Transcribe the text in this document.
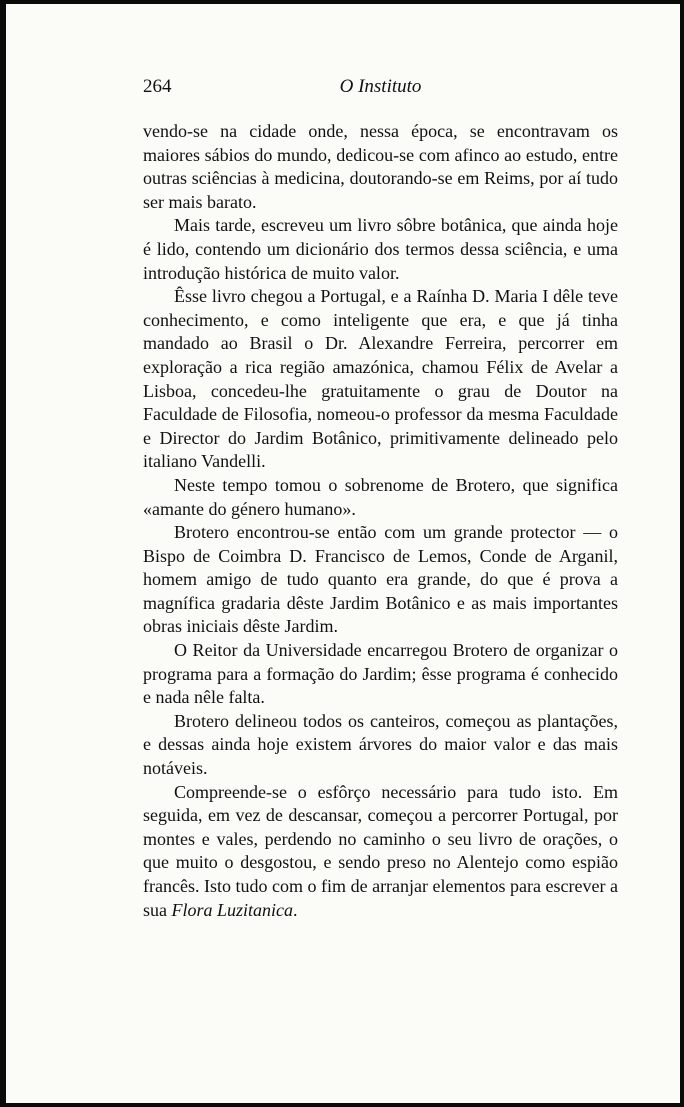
264	O Instituto

vendo-se na cidade onde, nessa época, se encontravam os maiores sábios do mundo, dedicou-se com afinco ao estudo, entre outras sciências à medicina, doutorando-se em Reims, por aí tudo ser mais barato.

Mais tarde, escreveu um livro sôbre botânica, que ainda hoje é lido, contendo um dicionário dos termos dessa sciência, e uma introdução histórica de muito valor.

Êsse livro chegou a Portugal, e a Raínha D. Maria I dêle teve conhecimento, e como inteligente que era, e que já tinha mandado ao Brasil o Dr. Alexandre Ferreira, percorrer em exploração a rica região amazónica, chamou Félix de Avelar a Lisboa, concedeu-lhe gratuitamente o grau de Doutor na Faculdade de Filosofia, nomeou-o professor da mesma Faculdade e Director do Jardim Botânico, primitivamente delineado pelo italiano Vandelli.

Neste tempo tomou o sobrenome de Brotero, que significa «amante do género humano».

Brotero encontrou-se então com um grande protector — o Bispo de Coimbra D. Francisco de Lemos, Conde de Arganil, homem amigo de tudo quanto era grande, do que é prova a magnífica gradaria dêste Jardim Botânico e as mais importantes obras iniciais dêste Jardim.

O Reitor da Universidade encarregou Brotero de organizar o programa para a formação do Jardim; êsse programa é conhecido e nada nêle falta.

Brotero delineou todos os canteiros, começou as plantações, e dessas ainda hoje existem árvores do maior valor e das mais notáveis.

Compreende-se o esfôrço necessário para tudo isto. Em seguida, em vez de descansar, começou a percorrer Portugal, por montes e vales, perdendo no caminho o seu livro de orações, o que muito o desgostou, e sendo preso no Alentejo como espião francês. Isto tudo com o fim de arranjar elementos para escrever a sua Flora Luzitanica.
